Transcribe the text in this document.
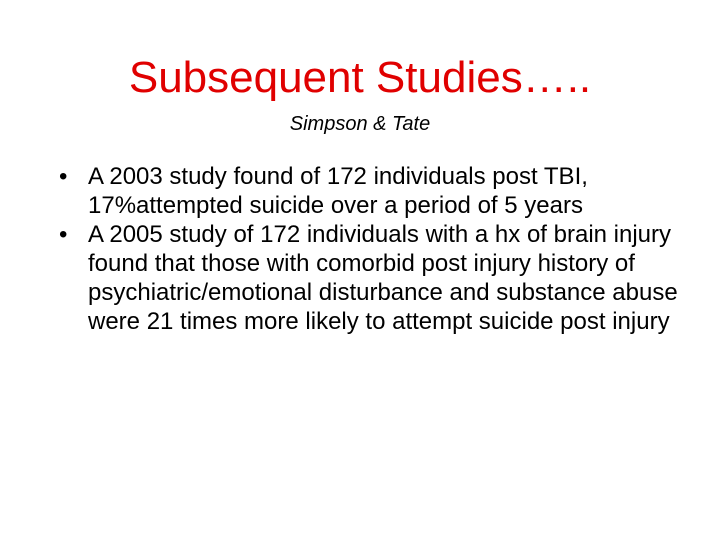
Subsequent Studies…..
Simpson & Tate
• A 2003 study found of 172 individuals post TBI, 17%attempted suicide over a period of 5 years
• A 2005 study of 172 individuals with a hx of brain injury found that those with comorbid post injury history of psychiatric/emotional disturbance and substance abuse were 21 times more likely to attempt suicide post injury
